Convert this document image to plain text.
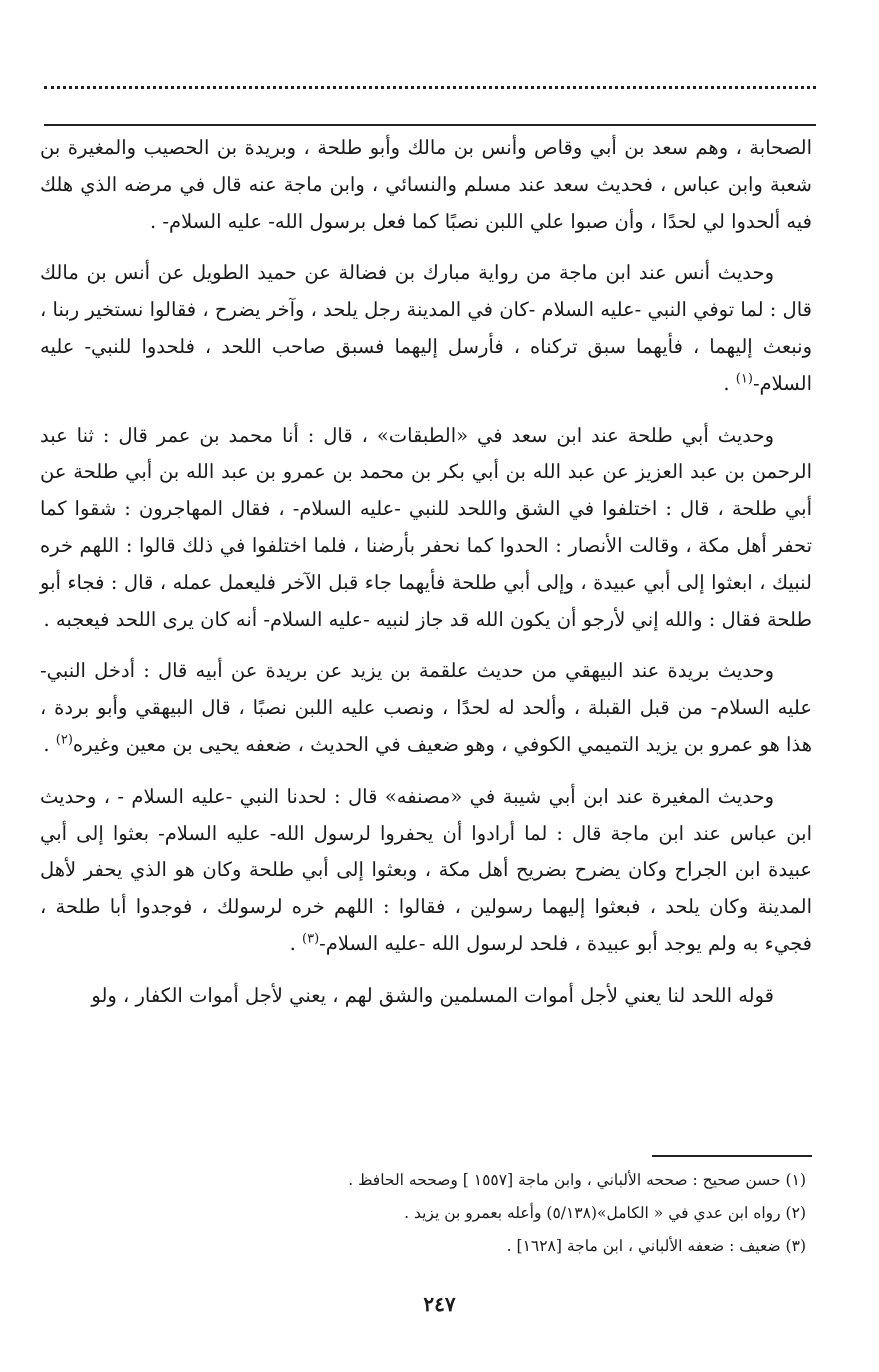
الصحابة ، وهم سعد بن أبي وقاص وأنس بن مالك وأبو طلحة ، وبريدة بن الحصيب والمغيرة بن شعبة وابن عباس ، فحديث سعد عند مسلم والنسائي ، وابن ماجة عنه قال في مرضه الذي هلك فيه ألحدوا لي لحدًا ، وأن صبوا علي اللبن نصبًا كما فعل برسول الله- عليه السلام- .

وحديث أنس عند ابن ماجة من رواية مبارك بن فضالة عن حميد الطويل عن أنس بن مالك قال : لما توفي النبي -عليه السلام -كان في المدينة رجل يلحد ، وآخر يضرح ، فقالوا نستخير ربنا ، ونبعث إليهما ، فأيهما سبق تركناه ، فأرسل إليهما فسبق صاحب اللحد ، فلحدوا للنبي- عليه السلام-$^{(١)}$ .

وحديث أبي طلحة عند ابن سعد في «الطبقات» ، قال : أنا محمد بن عمر قال : ثنا عبد الرحمن بن عبد العزيز عن عبد الله بن أبي بكر بن محمد بن عمرو بن عبد الله بن أبي طلحة عن أبي طلحة ، قال : اختلفوا في الشق واللحد للنبي -عليه السلام- ، فقال المهاجرون : شقوا كما تحفر أهل مكة ، وقالت الأنصار : الحدوا كما نحفر بأرضنا ، فلما اختلفوا في ذلك قالوا : اللهم خره لنبيك ، ابعثوا إلى أبي عبيدة ، وإلى أبي طلحة فأيهما جاء قبل الآخر فليعمل عمله ، قال : فجاء أبو طلحة فقال : والله إني لأرجو أن يكون الله قد جاز لنبيه -عليه السلام- أنه كان يرى اللحد فيعجبه .

وحديث بريدة عند البيهقي من حديث علقمة بن يزيد عن بريدة عن أبيه قال : أدخل النبي-عليه السلام- من قبل القبلة ، وألحد له لحدًا ، ونصب عليه اللبن نصبًا ، قال البيهقي وأبو بردة ، هذا هو عمرو بن يزيد التميمي الكوفي ، وهو ضعيف في الحديث ، ضعفه يحيى بن معين وغيره$^{(٢)}$ .

وحديث المغيرة عند ابن أبي شيبة في «مصنفه» قال : لحدنا النبي -عليه السلام - ، وحديث ابن عباس عند ابن ماجة قال : لما أرادوا أن يحفروا لرسول الله- عليه السلام- بعثوا إلى أبي عبيدة ابن الجراح وكان يضرح بضريح أهل مكة ، وبعثوا إلى أبي طلحة وكان هو الذي يحفر لأهل المدينة وكان يلحد ، فبعثوا إليهما رسولين ، فقالوا : اللهم خره لرسولك ، فوجدوا أبا طلحة ، فجيء به ولم يوجد أبو عبيدة ، فلحد لرسول الله -عليه السلام-$^{(٣)}$ .

قوله اللحد لنا يعني لأجل أموات المسلمين والشق لهم ، يعني لأجل أموات الكفار ، ولو

(١) حسن صحيح : صححه الألباني ، وابن ماجة [١٥٥٧ ] وصححه الحافظ .

(٢) رواه ابن عدي في « الكامل»(٥/١٣٨) وأعله بعمرو بن يزيد .

(٣) ضعيف : ضعفه الألباني ، ابن ماجة [١٦٢٨] .

٢٤٧
